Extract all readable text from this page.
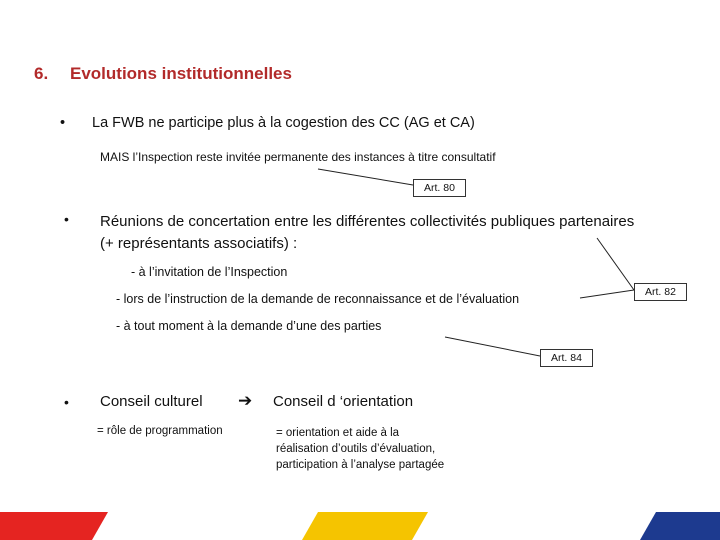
6. Evolutions institutionnelles
• La FWB ne participe plus à la cogestion des CC (AG et CA)
MAIS l’Inspection reste invitée permanente des instances à titre consultatif
Art. 80
• Réunions de concertation entre les différentes collectivités publiques partenaires (+ représentants associatifs) :
- à l’invitation de l’Inspection
- lors de l’instruction de la demande de reconnaissance et de l’évaluation
- à tout moment à la demande d’une des parties
Art. 82
Art. 84
• Conseil culturel ➔ Conseil d ‘orientation
= rôle de programmation	= orientation et aide à la
réalisation d’outils d’évaluation,
participation à l’analyse partagée
